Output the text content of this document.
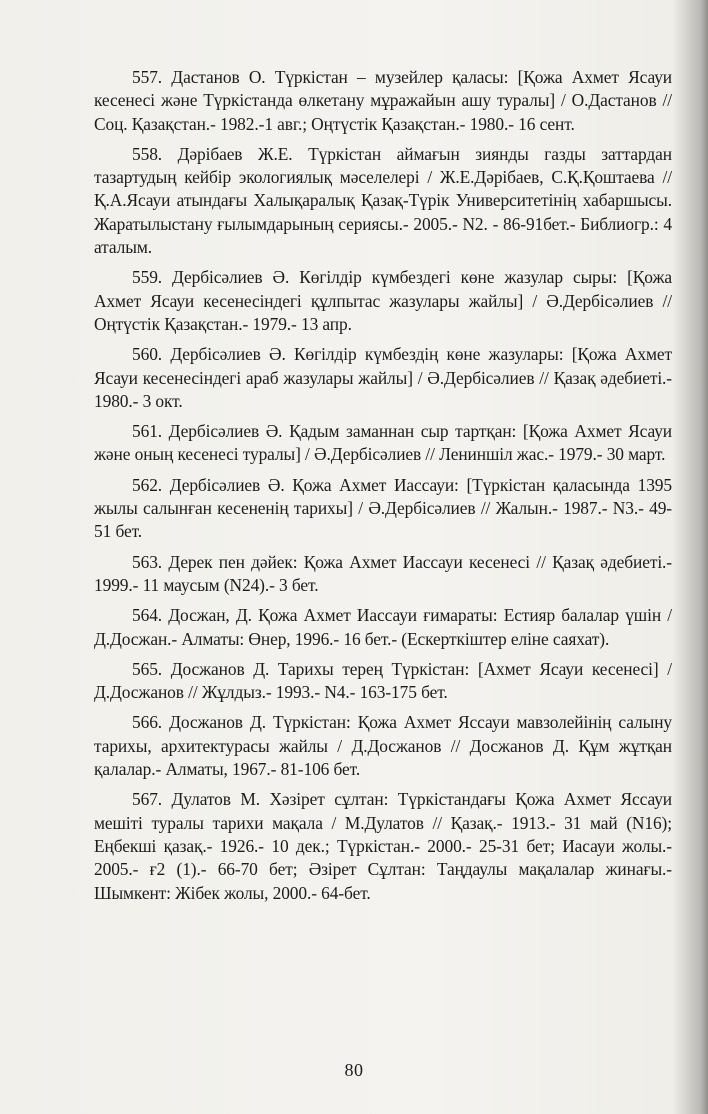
557. Дастанов О. Түркістан – музейлер қаласы: [Қожа Ахмет Ясауи кесенесі және Түркістанда өлкетану мұражайын ашу туралы] / О.Дастанов // Соц. Қазақстан.- 1982.-1 авг.; Оңтүстік Қазақстан.- 1980.- 16 сент.

558. Дәрібаев Ж.Е. Түркістан аймағын зиянды газды заттардан тазартудың кейбір экологиялық мәселелері / Ж.Е.Дәрібаев, С.Қ.Қоштаева // Қ.А.Ясауи атындағы Халықаралық Қазақ-Түрік Университетінің хабаршысы. Жаратылыстану ғылымдарының сериясы.- 2005.- N2. - 86-91бет.- Библиогр.: 4 аталым.

559. Дербісәлиев Ә. Көгілдір күмбездегі көне жазулар сыры: [Қожа Ахмет Ясауи кесенесіндегі құлпытас жазулары жайлы] / Ә.Дербісәлиев // Оңтүстік Қазақстан.- 1979.- 13 апр.

560. Дербісәлиев Ә. Көгілдір күмбездің көне жазулары: [Қожа Ахмет Ясауи кесенесіндегі араб жазулары жайлы] / Ә.Дербісәлиев // Қазақ әдебиеті.- 1980.- 3 окт.

561. Дербісәлиев Ә. Қадым заманнан сыр тартқан: [Қожа Ахмет Ясауи және оның кесенесі туралы] / Ә.Дербісәлиев // Лениншіл жас.- 1979.- 30 март.

562. Дербісәлиев Ә. Қожа Ахмет Иассауи: [Түркістан қаласында 1395 жылы салынған кесененің тарихы] / Ә.Дербісәлиев // Жалын.- 1987.- N3.- 49-51 бет.

563. Дерек пен дәйек: Қожа Ахмет Иассауи кесенесі // Қазақ әдебиеті.- 1999.- 11 маусым (N24).- 3 бет.

564. Досжан, Д. Қожа Ахмет Иассауи ғимараты: Естияр балалар үшін / Д.Досжан.- Алматы: Өнер, 1996.- 16 бет.- (Ескерткіштер еліне саяхат).

565. Досжанов Д. Тарихы терең Түркістан: [Ахмет Ясауи кесенесі] / Д.Досжанов // Жұлдыз.- 1993.- N4.- 163-175 бет.

566. Досжанов Д. Түркістан: Қожа Ахмет Яссауи мавзолейінің салыну тарихы, архитектурасы жайлы / Д.Досжанов // Досжанов Д. Құм жұтқан қалалар.- Алматы, 1967.- 81-106 бет.

567. Дулатов М. Хәзірет сұлтан: Түркістандағы Қожа Ахмет Яссауи мешіті туралы тарихи мақала / М.Дулатов // Қазақ.- 1913.- 31 май (N16); Еңбекші қазақ.- 1926.- 10 дек.; Түркістан.- 2000.- 25-31 бет; Иасауи жолы.- 2005.- ғ2 (1).- 66-70 бет; Әзірет Сұлтан: Таңдаулы мақалалар жинағы.- Шымкент: Жібек жолы, 2000.- 64-бет.

80
